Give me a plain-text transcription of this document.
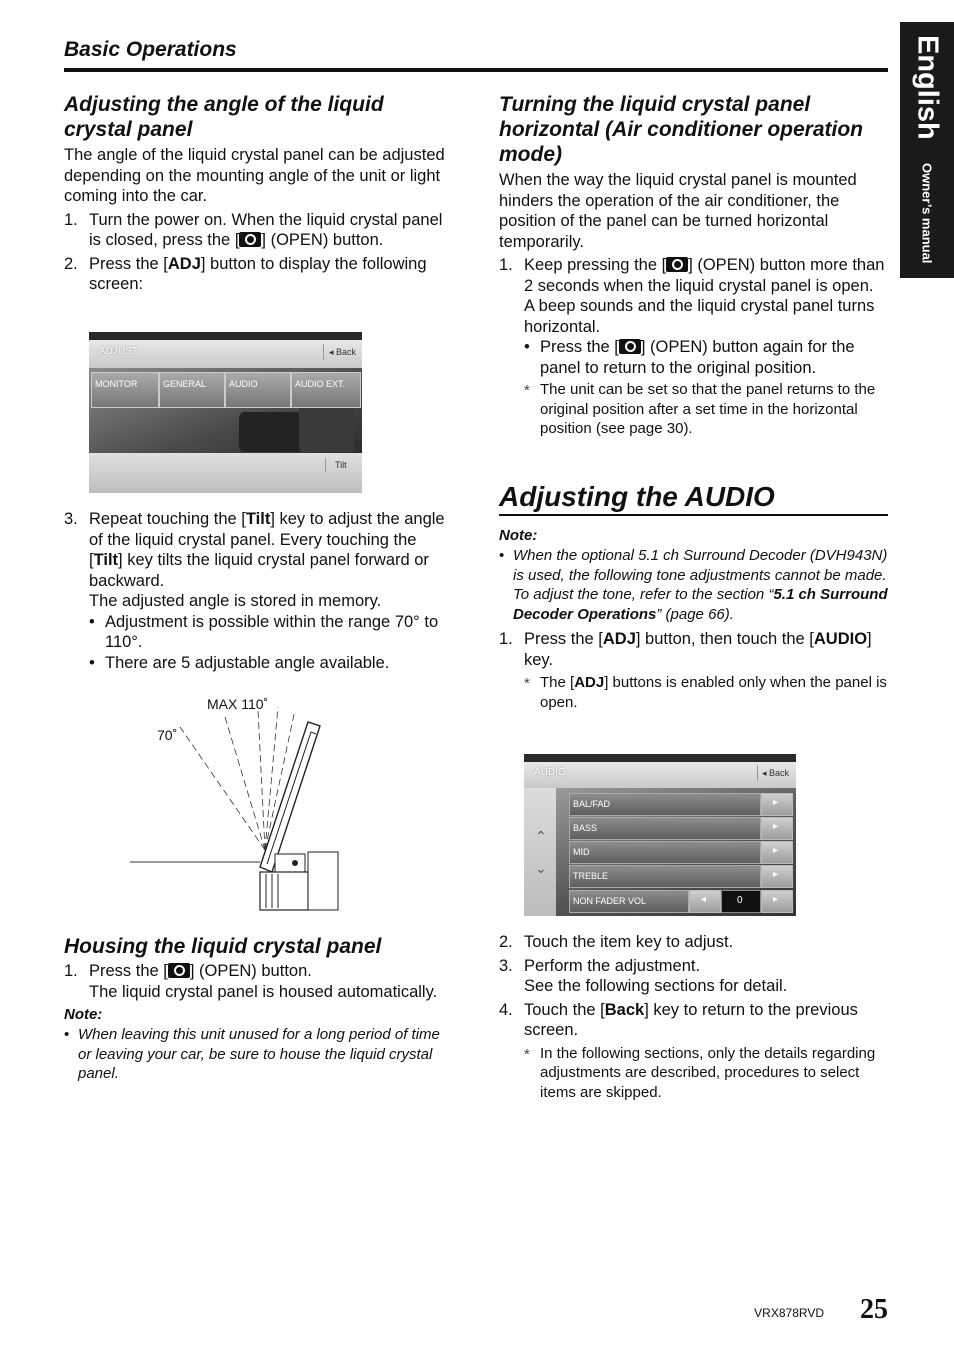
Basic Operations	English
Owner’s manual
Adjusting the angle of the liquid crystal panel

The angle of the liquid crystal panel can be adjusted depending on the mounting angle of the unit or light coming into the car.

1. Turn the power on. When the liquid crystal panel is closed, press the [ ] (OPEN) button.
2. Press the [ADJ] button to display the following screen:
ADJUST	◂ Back
MONITOR	GENERAL	AUDIO	AUDIO EXT.
Tilt
3. Repeat touching the [Tilt] key to adjust the angle of the liquid crystal panel. Every touching the [Tilt] key tilts the liquid crystal panel forward or backward.
The adjusted angle is stored in memory.
• Adjustment is possible within the range 70° to 110°.
• There are 5 adjustable angle available.
MAX 110˚
70˚
Housing the liquid crystal panel
1. Press the [ ] (OPEN) button.
The liquid crystal panel is housed automatically.

Note:

• When leaving this unit unused for a long period of time or leaving your car, be sure to house the liquid crystal panel.
Turning the liquid crystal panel horizontal (Air conditioner operation mode)

When the way the liquid crystal panel is mounted hinders the operation of the air conditioner, the position of the panel can be turned horizontal temporarily.

1. Keep pressing the [ ] (OPEN) button more than 2 seconds when the liquid crystal panel is open.
A beep sounds and the liquid crystal panel turns horizontal.
• Press the [ ] (OPEN) button again for the panel to return to the original position.
* The unit can be set so that the panel returns to the original position after a set time in the horizontal position (see page 30).
Adjusting the AUDIO

Note:

• When the optional 5.1 ch Surround Decoder (DVH943N) is used, the following tone adjustments cannot be made. To adjust the tone, refer to the section “5.1 ch Surround Decoder Operations” (page 66).
1. Press the [ADJ] button, then touch the [AUDIO] key.
* The [ADJ] buttons is enabled only when the panel is open.
AUDIO	◂ Back
⌃
⌄
BAL/FAD	▸
BASS	▸
MID	▸
TREBLE	▸
NON FADER VOL	◂	0	▸
2. Touch the item key to adjust.
3. Perform the adjustment.
See the following sections for detail.
4. Touch the [Back] key to return to the previous screen.
* In the following sections, only the details regarding adjustments are described, procedures to select items are skipped.
VRX878RVD 25
